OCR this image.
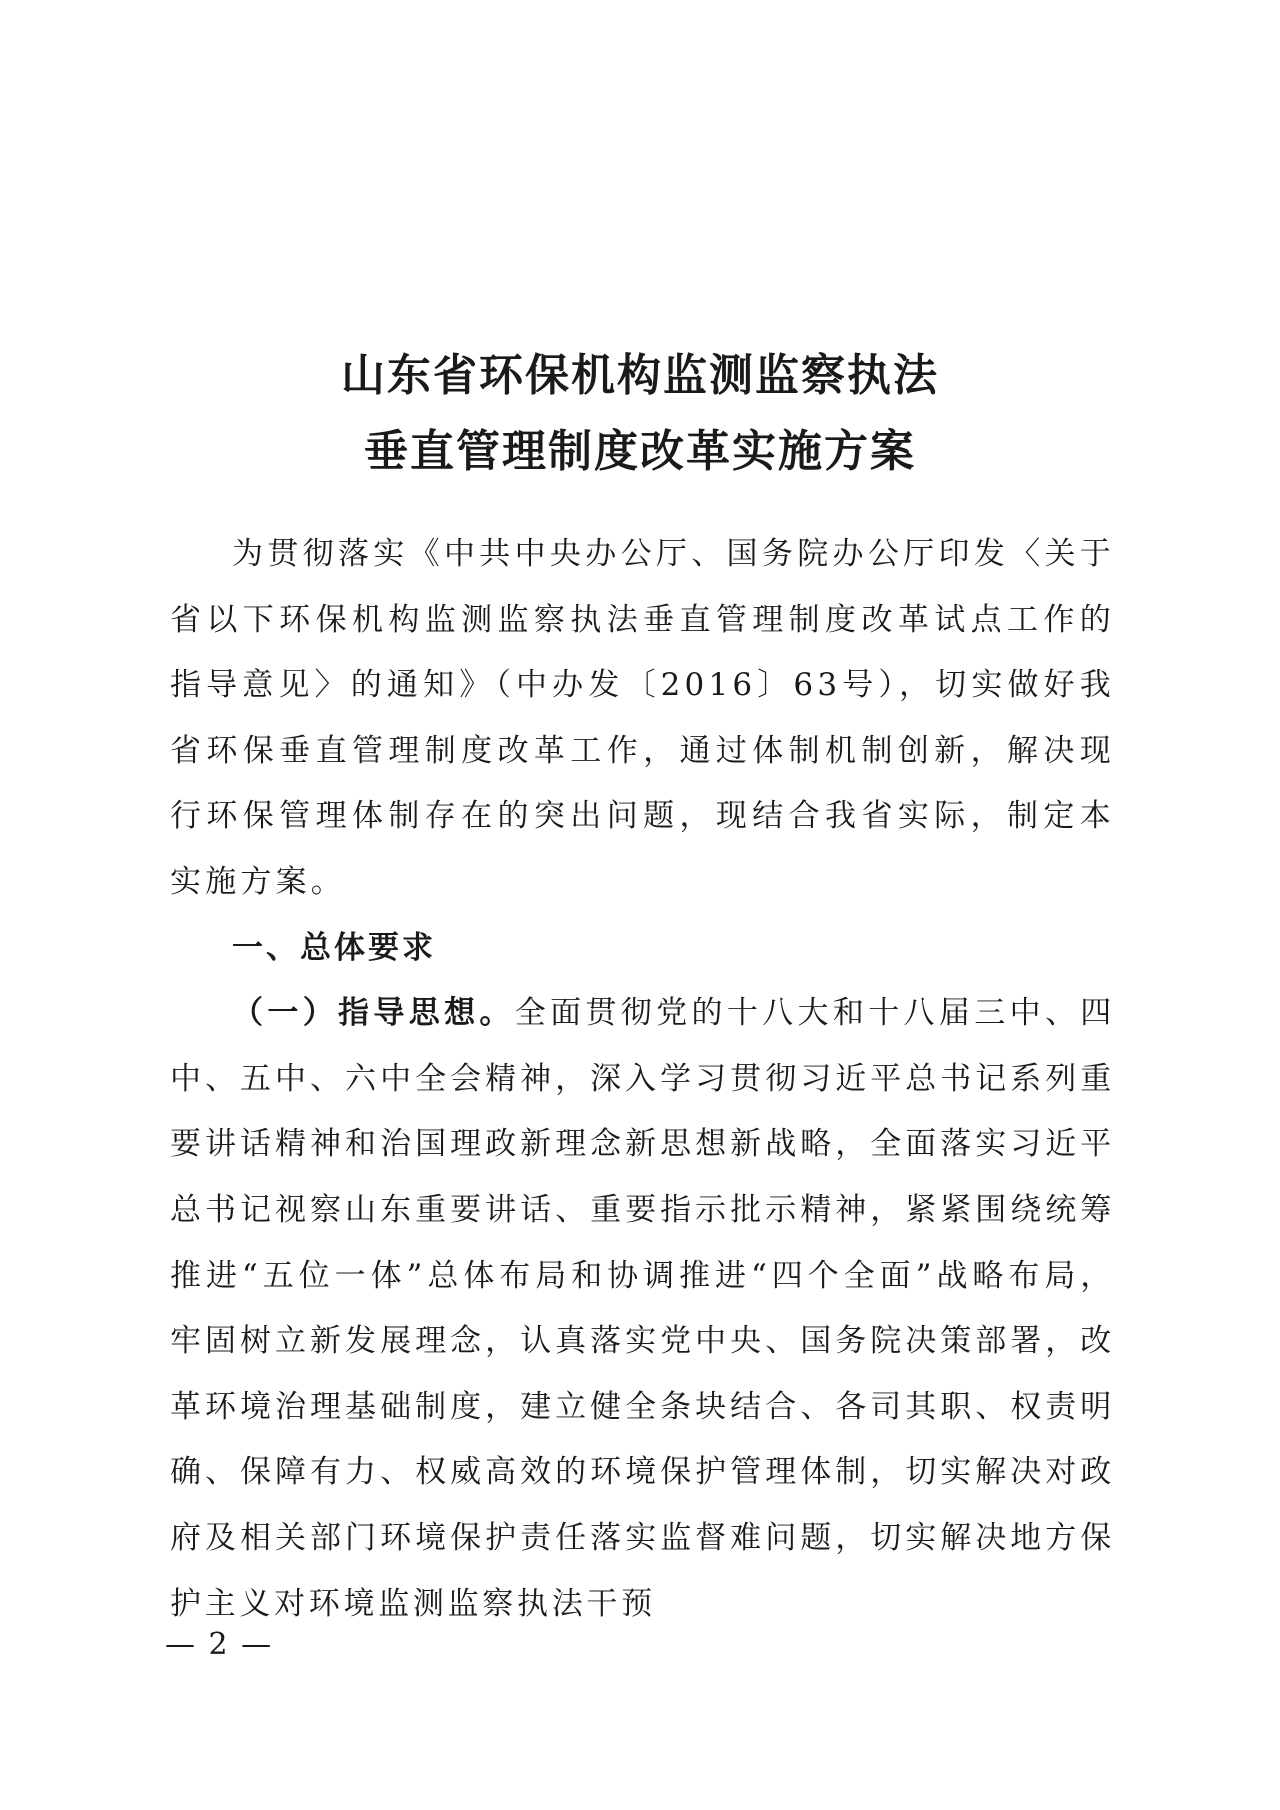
山东省环保机构监测监察执法
垂直管理制度改革实施方案

为贯彻落实《中共中央办公厅、国务院办公厅印发〈关于省以下环保机构监测监察执法垂直管理制度改革试点工作的指导意见〉的通知》（中办发〔2016〕63号），切实做好我省环保垂直管理制度改革工作，通过体制机制创新，解决现行环保管理体制存在的突出问题，现结合我省实际，制定本实施方案。

一、总体要求

（一）指导思想。全面贯彻党的十八大和十八届三中、四中、五中、六中全会精神，深入学习贯彻习近平总书记系列重要讲话精神和治国理政新理念新思想新战略，全面落实习近平总书记视察山东重要讲话、重要指示批示精神，紧紧围绕统筹推进“五位一体”总体布局和协调推进“四个全面”战略布局，牢固树立新发展理念，认真落实党中央、国务院决策部署，改革环境治理基础制度，建立健全条块结合、各司其职、权责明确、保障有力、权威高效的环境保护管理体制，切实解决对政府及相关部门环境保护责任落实监督难问题，切实解决地方保护主义对环境监测监察执法干预

— 2 —
